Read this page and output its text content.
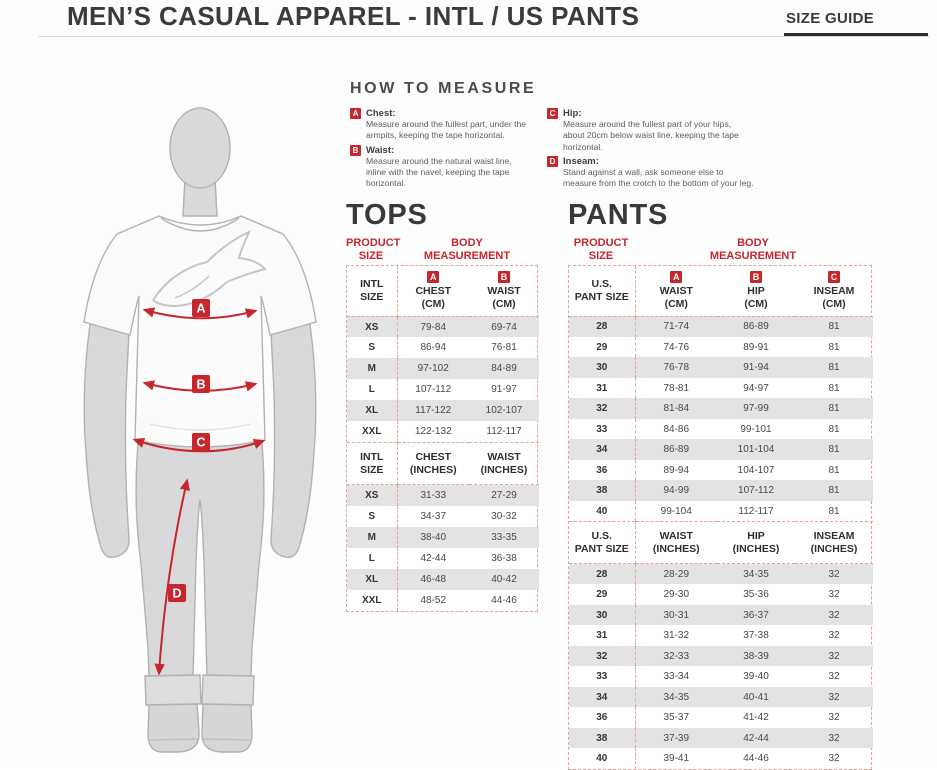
MEN’S CASUAL APPAREL - INTL / US PANTS	SIZE GUIDE
A
B
C
D
HOW TO MEASURE
A Chest:
Measure around the fullest part, under the armpits, keeping the tape horizontal.
B Waist:
Measure around the natural waist line, inline with the navel, keeping the tape horizontal.
C Hip:
Measure around the fullest part of your hips, about 20cm below waist line, keeping the tape horizontal.
D Inseam:
Stand against a wall, ask someone else to measure from the crotch to the bottom of your leg.
TOPS
PRODUCT
SIZE
BODY
MEASUREMENT
INTL
SIZE

A
CHEST
(CM)

B
WAIST
(CM)

XS	79-84	69-74
S	86-94	76-81
M	97-102	84-89
L	107-112	91-97
XL	117-122	102-107
XXL	122-132	112-117
INTL
SIZE

CHEST
(INCHES)

WAIST
(INCHES)

XS	31-33	27-29
S	34-37	30-32
M	38-40	33-35
L	42-44	36-38
XL	46-48	40-42
XXL	48-52	44-46
PANTS
PRODUCT
SIZE
BODY
MEASUREMENT
U.S.
PANT SIZE

A
WAIST
(CM)

B
HIP
(CM)

C
INSEAM
(CM)

28	71-74	86-89	81
29	74-76	89-91	81
30	76-78	91-94	81
31	78-81	94-97	81
32	81-84	97-99	81
33	84-86	99-101	81
34	86-89	101-104	81
36	89-94	104-107	81
38	94-99	107-112	81
40	99-104	112-117	81
U.S.
PANT SIZE

WAIST
(INCHES)

HIP
(INCHES)

INSEAM
(INCHES)

28	28-29	34-35	32
29	29-30	35-36	32
30	30-31	36-37	32
31	31-32	37-38	32
32	32-33	38-39	32
33	33-34	39-40	32
34	34-35	40-41	32
36	35-37	41-42	32
38	37-39	42-44	32
40	39-41	44-46	32
